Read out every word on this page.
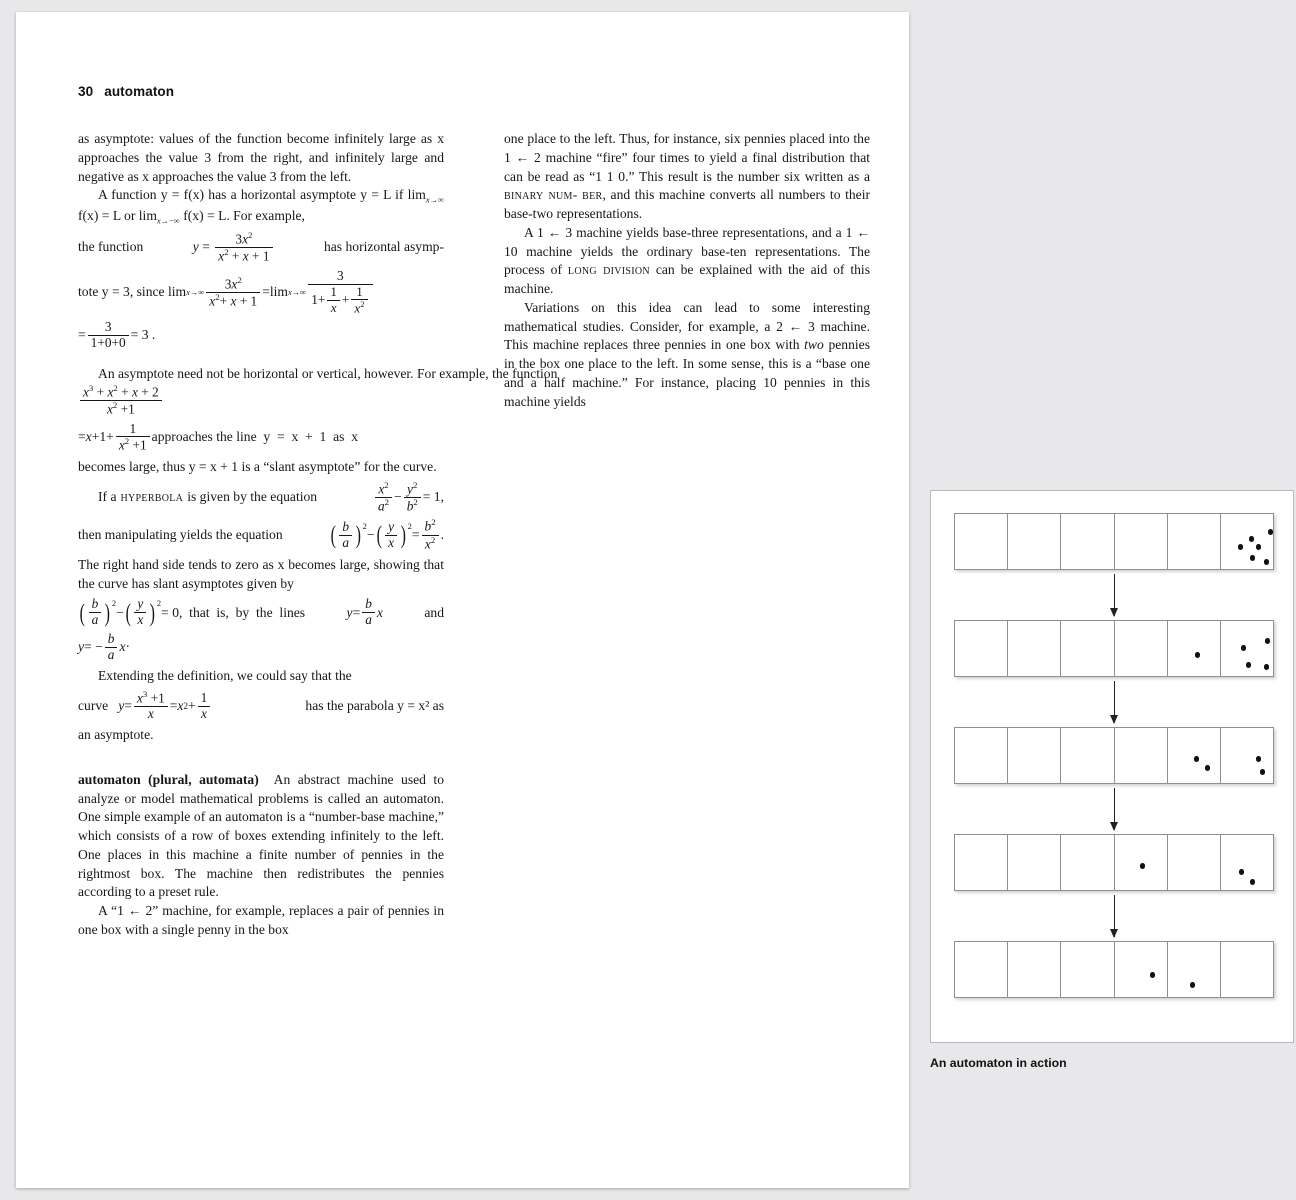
30 automaton

as asymptote: values of the function become infinitely large as x approaches the value 3 from the right, and infinitely large and negative as x approaches the value 3 from the left.

A function y = f(x) has a horizontal asymptote y = L if $\lim_{x\to\infty} f(x) = L$ or $\lim_{x\to-\infty} f(x) = L$. For example,

the function	$y = \frac{3x^2}{x^2 + x + 1}$	has horizontal asymp-
tote y = 3, since $\lim x\to\infty \frac{3x^2}{x^2+ x + 1} = \lim x\to\infty \frac{3}{1+ \frac{1}{x} + \frac{1}{x^2}}$
= $\frac{3}{1+0+0} = 3$ .
An asymptote need not be horizontal or vertical, however. For example, the function
$\frac{x^3 + x^2 + x + 2}{x^2 +1}$
= $x +1+ \frac{1}{x^2 +1}$ approaches the line  y  =  x  +  1  as  x

becomes large, thus y = x + 1 is a “slant asymptote” for the curve.

If a hyperbola is given by the equation	$\frac{x^2}{a^2} - \frac{y^2}{b^2} = 1$,
then manipulating yields the equation ( $\frac{b}{a}$ ) $^2$
− ( $\frac{y}{x}$ ) $^2$
= $\frac{b^2}{x^2}$ .

The right hand side tends to zero as x becomes large, showing that the curve has slant asymptotes given by

( $\frac{b}{a}$ ) $^2$
− ( $\frac{y}{x}$ ) $^2$
= 0,  that  is,  by  the  lines	$y = \frac{b}{a}$ x	and
y = − $\frac{b}{a}$ x ·

Extending the definition, we could say that the

curve $y = \frac{x^3 +1}{x} = x$ $2 + \frac{1}{x}$	has the parabola y = x² as

an asymptote.

automaton (plural, automata) An abstract machine used to analyze or model mathematical problems is called an automaton. One simple example of an automaton is a “number-base machine,” which consists of a row of boxes extending infinitely to the left. One places in this machine a finite number of pennies in the rightmost box. The machine then redistributes the pennies according to a preset rule.

A “1 ← 2” machine, for example, replaces a pair of pennies in one box with a single penny in the box

one place to the left. Thus, for instance, six pennies placed into the 1 ← 2 machine “fire” four times to yield a final distribution that can be read as “1 1 0.” This result is the number six written as a binary num- ber, and this machine converts all numbers to their base-two representations.

A 1 ← 3 machine yields base-three representations, and a 1 ← 10 machine yields the ordinary base-ten representations. The process of long division can be explained with the aid of this machine.

Variations on this idea can lead to some interesting mathematical studies. Consider, for example, a 2 ← 3 machine. This machine replaces three pennies in one box with two pennies in the box one place to the left. In some sense, this is a “base one and a half machine.” For instance, placing 10 pennies in this machine yields

An automaton in action
